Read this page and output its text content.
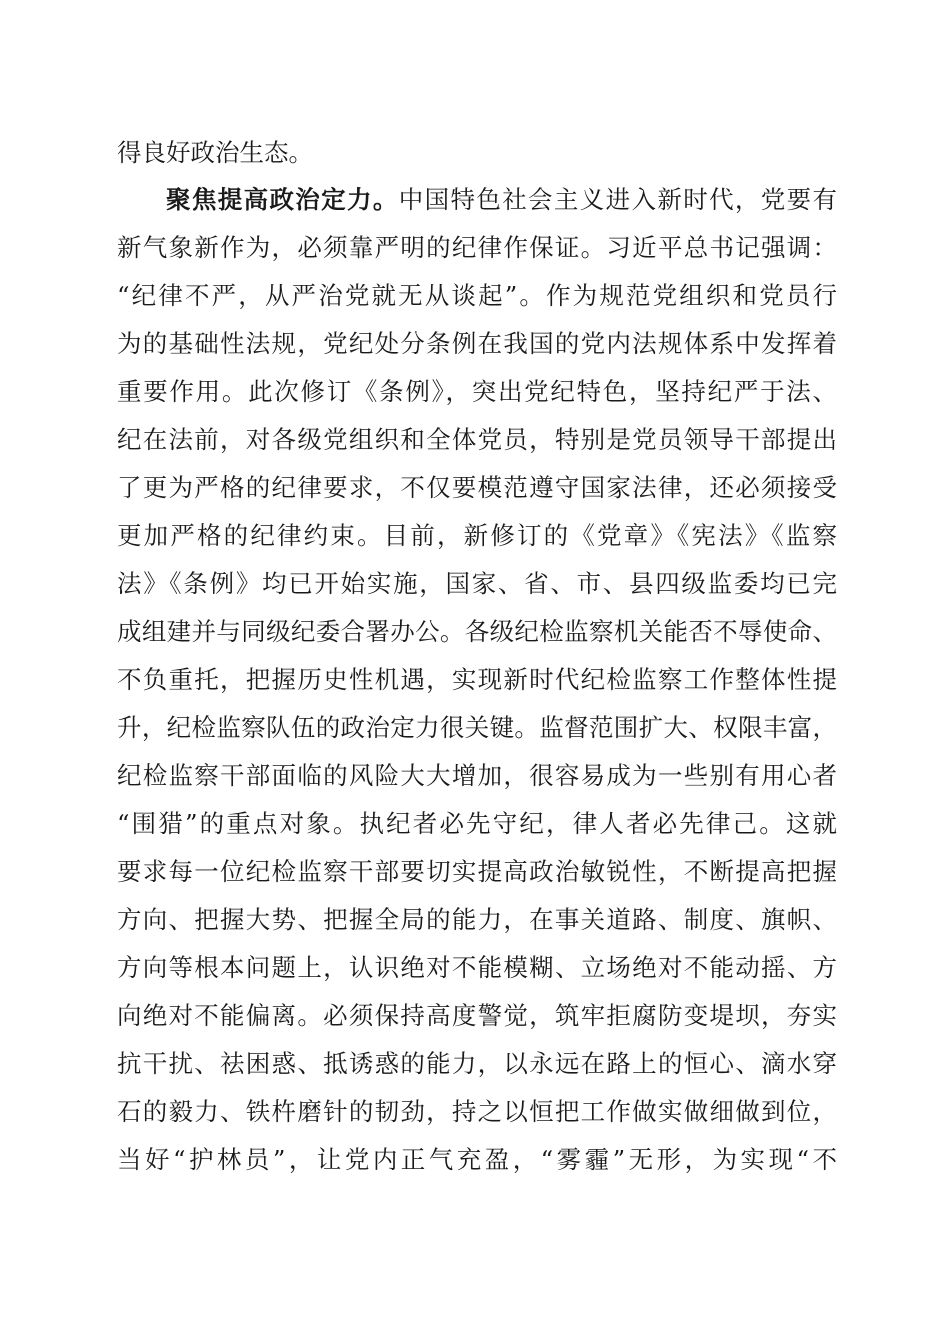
得良好政治生态。
聚焦提高政治定力。中国特色社会主义进入新时代，党要有
新气象新作为，必须靠严明的纪律作保证。习近平总书记强调：
“纪律不严，从严治党就无从谈起”。作为规范党组织和党员行
为的基础性法规，党纪处分条例在我国的党内法规体系中发挥着
重要作用。此次修订《条例》，突出党纪特色，坚持纪严于法、
纪在法前，对各级党组织和全体党员，特别是党员领导干部提出
了更为严格的纪律要求，不仅要模范遵守国家法律，还必须接受
更加严格的纪律约束。目前，新修订的《党章》《宪法》《监察
法》《条例》均已开始实施，国家、省、市、县四级监委均已完
成组建并与同级纪委合署办公。各级纪检监察机关能否不辱使命、
不负重托，把握历史性机遇，实现新时代纪检监察工作整体性提
升，纪检监察队伍的政治定力很关键。监督范围扩大、权限丰富，
纪检监察干部面临的风险大大增加，很容易成为一些别有用心者
“围猎”的重点对象。执纪者必先守纪，律人者必先律己。这就
要求每一位纪检监察干部要切实提高政治敏锐性，不断提高把握
方向、把握大势、把握全局的能力，在事关道路、制度、旗帜、
方向等根本问题上，认识绝对不能模糊、立场绝对不能动摇、方
向绝对不能偏离。必须保持高度警觉，筑牢拒腐防变堤坝，夯实
抗干扰、祛困惑、抵诱惑的能力，以永远在路上的恒心、滴水穿
石的毅力、铁杵磨针的韧劲，持之以恒把工作做实做细做到位，
当好“护林员”，让党内正气充盈，“雾霾”无形，为实现“不
